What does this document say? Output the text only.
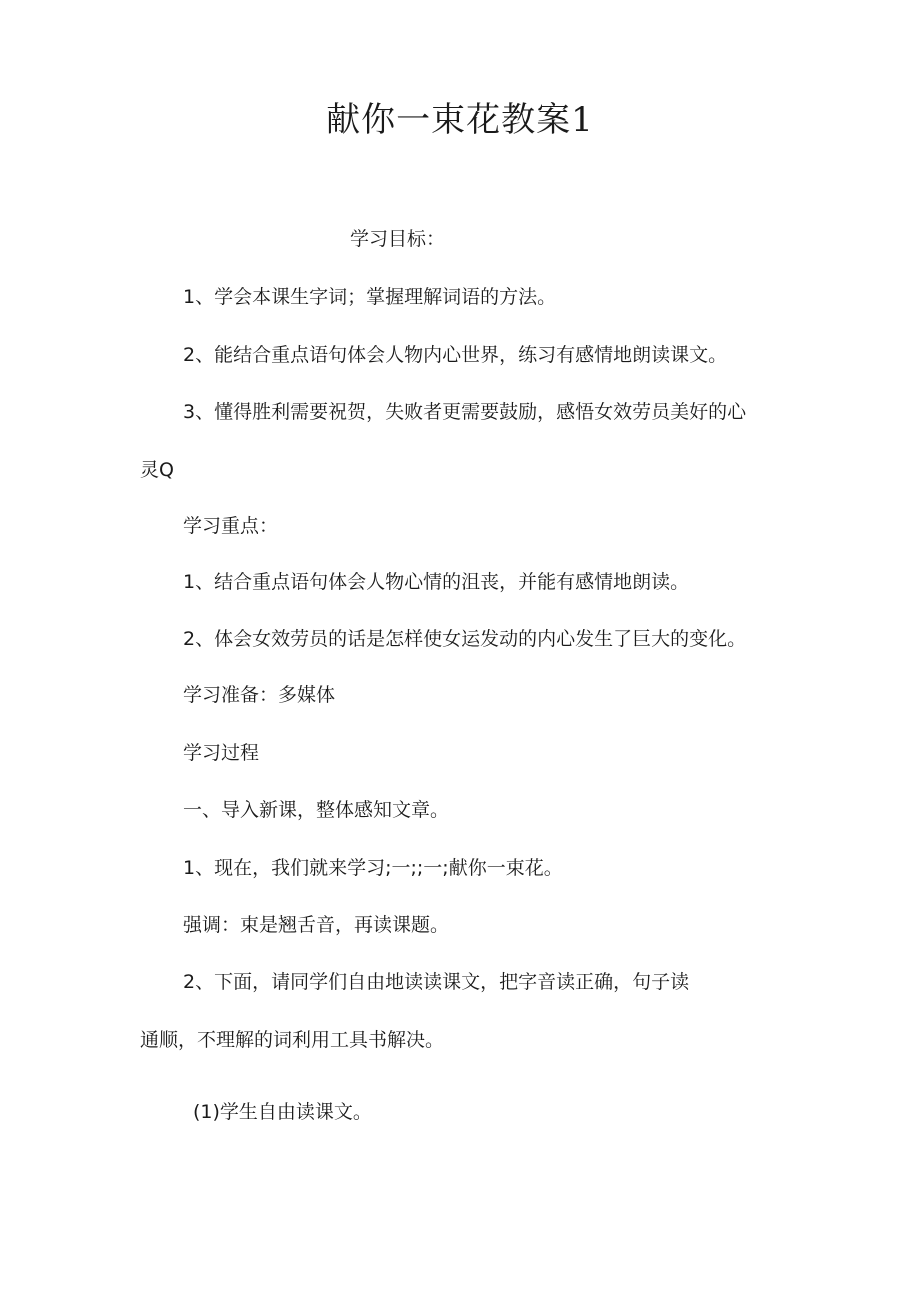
献你一束花教案1
学习目标：
1、学会本课生字词；掌握理解词语的方法。
2、能结合重点语句体会人物内心世界，练习有感情地朗读课文。
3、懂得胜利需要祝贺，失败者更需要鼓励，感悟女效劳员美好的心
灵Q
学习重点：
1、结合重点语句体会人物心情的沮丧，并能有感情地朗读。
2、体会女效劳员的话是怎样使女运发动的内心发生了巨大的变化。
学习准备：多媒体
学习过程
一、导入新课，整体感知文章。
1、现在，我们就来学习;一;;一;献你一束花。
强调：束是翘舌音，再读课题。
2、下面，请同学们自由地读读课文，把字音读正确，句子读
通顺，不理解的词利用工具书解决。
(1)学生自由读课文。
